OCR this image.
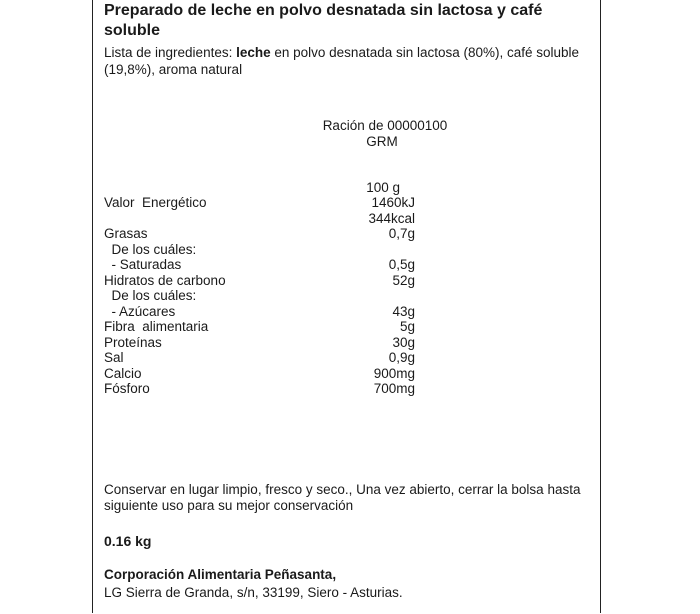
Preparado de leche en polvo desnatada sin lactosa y café soluble

Lista de ingredientes: leche en polvo desnatada sin lactosa (80%), café soluble (19,8%), aroma natural

Ración de 00000100
GRM
100 g
Valor  Energético	1460kJ
344kcal
Grasas	0,7g
De los cuáles:
- Saturadas	0,5g
Hidratos de carbono	52g
De los cuáles:
- Azúcares	43g
Fibra  alimentaria	5g
Proteínas	30g
Sal	0,9g
Calcio	900mg
Fósforo	700mg

Conservar en lugar limpio, fresco y seco., Una vez abierto, cerrar la bolsa hasta siguiente uso para su mejor conservación

0.16 kg
Corporación Alimentaria Peñasanta,
LG Sierra de Granda, s/n, 33199, Siero - Asturias.
